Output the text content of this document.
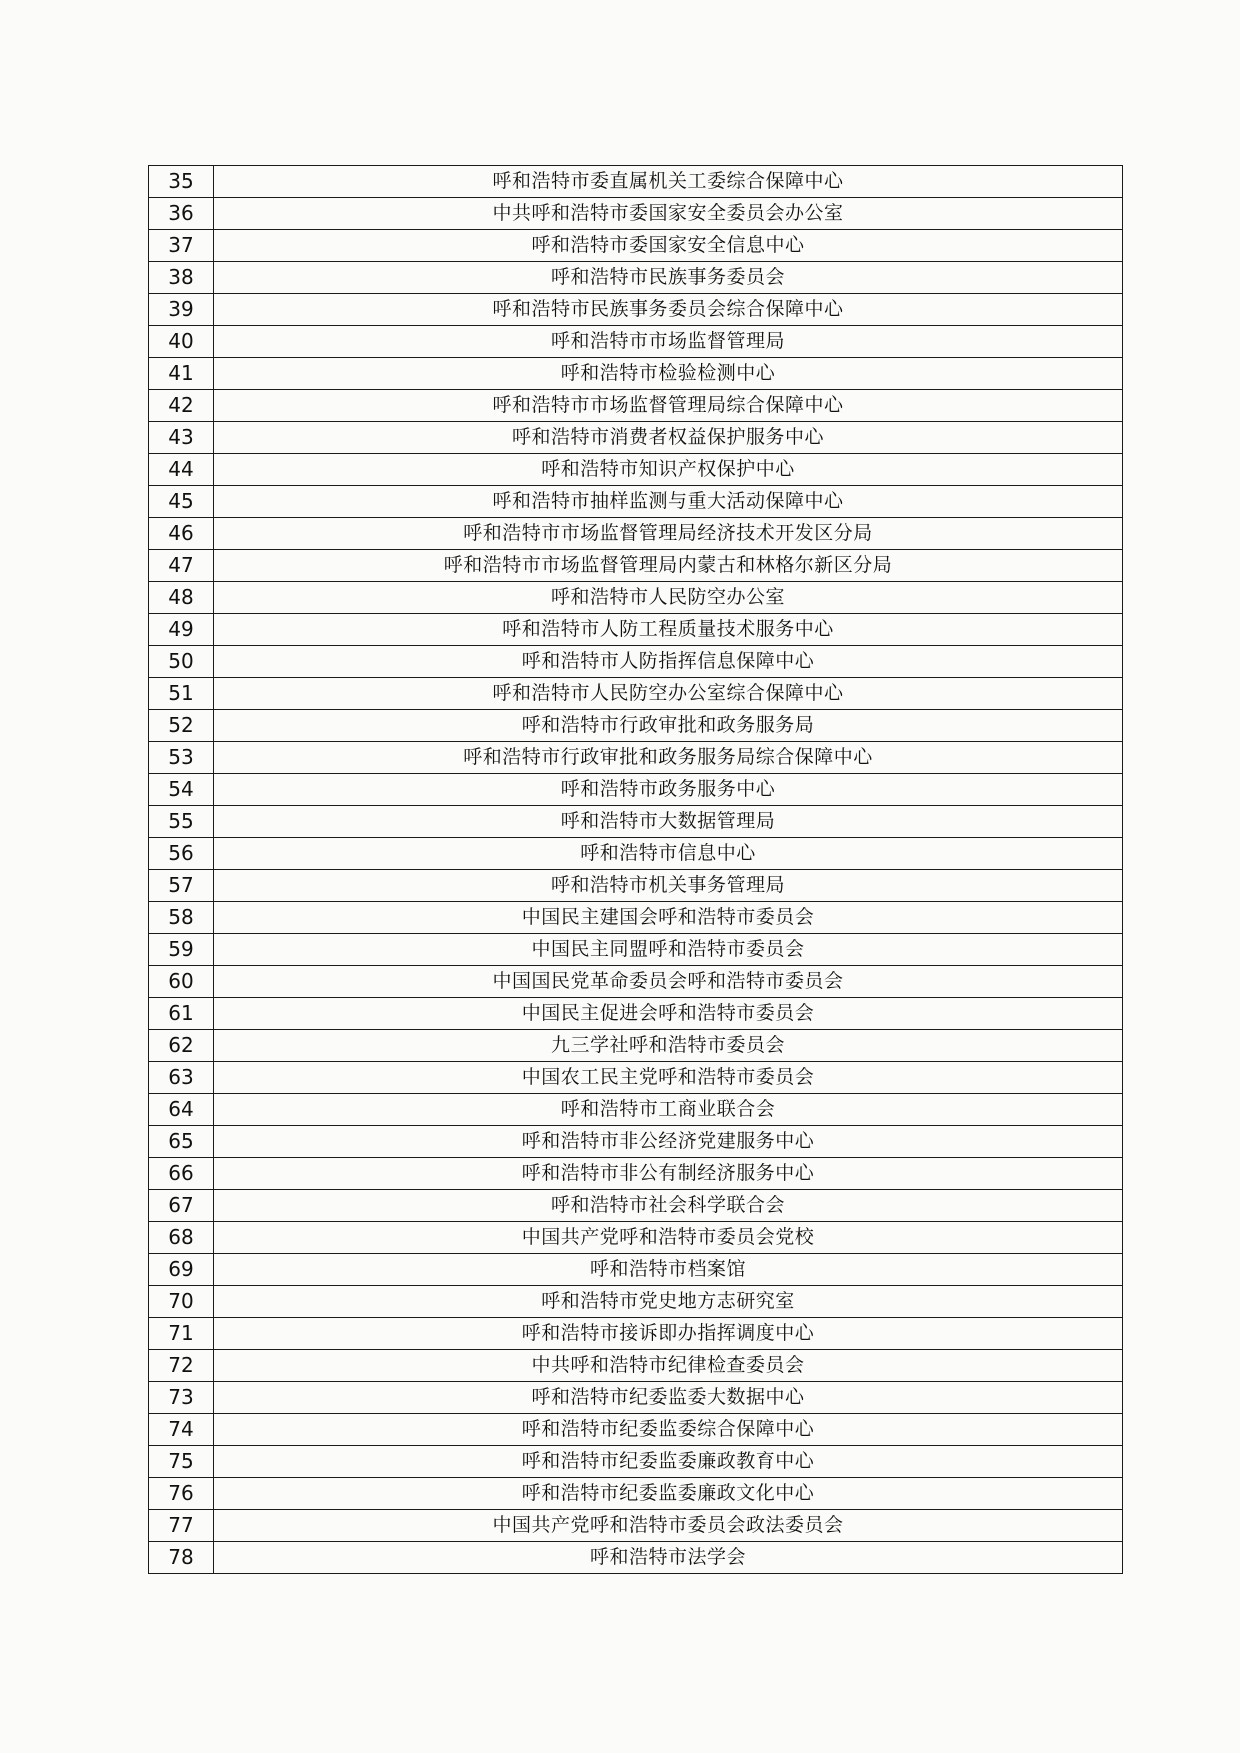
35	呼和浩特市委直属机关工委综合保障中心
36	中共呼和浩特市委国家安全委员会办公室
37	呼和浩特市委国家安全信息中心
38	呼和浩特市民族事务委员会
39	呼和浩特市民族事务委员会综合保障中心
40	呼和浩特市市场监督管理局
41	呼和浩特市检验检测中心
42	呼和浩特市市场监督管理局综合保障中心
43	呼和浩特市消费者权益保护服务中心
44	呼和浩特市知识产权保护中心
45	呼和浩特市抽样监测与重大活动保障中心
46	呼和浩特市市场监督管理局经济技术开发区分局
47	呼和浩特市市场监督管理局内蒙古和林格尔新区分局
48	呼和浩特市人民防空办公室
49	呼和浩特市人防工程质量技术服务中心
50	呼和浩特市人防指挥信息保障中心
51	呼和浩特市人民防空办公室综合保障中心
52	呼和浩特市行政审批和政务服务局
53	呼和浩特市行政审批和政务服务局综合保障中心
54	呼和浩特市政务服务中心
55	呼和浩特市大数据管理局
56	呼和浩特市信息中心
57	呼和浩特市机关事务管理局
58	中国民主建国会呼和浩特市委员会
59	中国民主同盟呼和浩特市委员会
60	中国国民党革命委员会呼和浩特市委员会
61	中国民主促进会呼和浩特市委员会
62	九三学社呼和浩特市委员会
63	中国农工民主党呼和浩特市委员会
64	呼和浩特市工商业联合会
65	呼和浩特市非公经济党建服务中心
66	呼和浩特市非公有制经济服务中心
67	呼和浩特市社会科学联合会
68	中国共产党呼和浩特市委员会党校
69	呼和浩特市档案馆
70	呼和浩特市党史地方志研究室
71	呼和浩特市接诉即办指挥调度中心
72	中共呼和浩特市纪律检查委员会
73	呼和浩特市纪委监委大数据中心
74	呼和浩特市纪委监委综合保障中心
75	呼和浩特市纪委监委廉政教育中心
76	呼和浩特市纪委监委廉政文化中心
77	中国共产党呼和浩特市委员会政法委员会
78	呼和浩特市法学会
